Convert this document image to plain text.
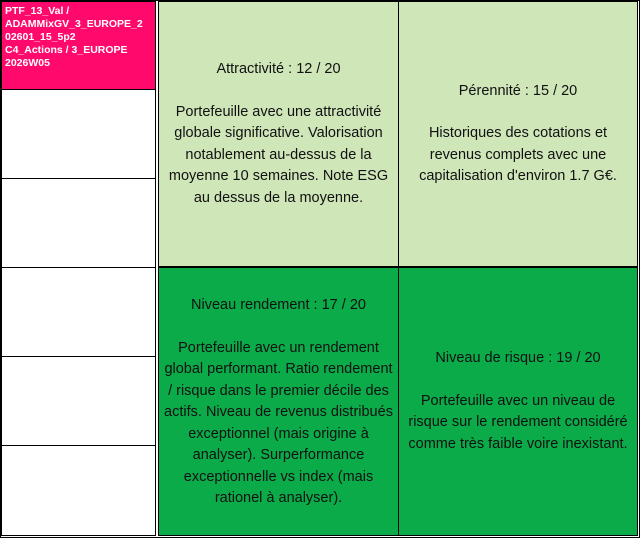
PTF_13_Val /
ADAMMixGV_3_EUROPE_2
02601_15_5p2
C4_Actions / 3_EUROPE
2026W05	Attractivité : 12 / 20
Portefeuille avec une attractivité globale significative. Valorisation notablement au-dessus de la moyenne 10 semaines. Note ESG au dessus de la moyenne.
Pérennité : 15 / 20
Historiques des cotations et revenus complets avec une capitalisation d'environ 1.7 G€.
Niveau rendement : 17 / 20
Portefeuille avec un rendement global performant. Ratio rendement / risque dans le premier décile des actifs. Niveau de revenus distribués exceptionnel (mais origine à analyser). Surperformance exceptionnelle vs index (mais rationel à analyser).
Niveau de risque : 19 / 20
Portefeuille avec un niveau de risque sur le rendement considéré comme très faible voire inexistant.
